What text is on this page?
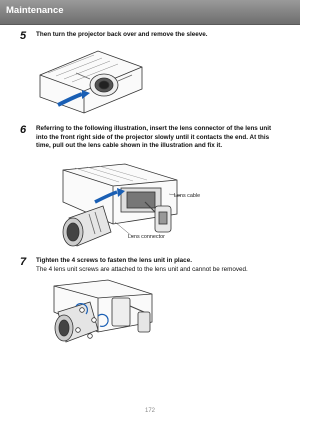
Maintenance
5 Then turn the projector back over and remove the sleeve.
6 Referring to the following illustration, insert the lens connector of the lens unit into the front right side of the projector slowly until it contacts the end. At this time, pull out the lens cable shown in the illustration and fix it.
Lens cable
Lens connector
7 Tighten the 4 screws to fasten the lens unit in place.
The 4 lens unit screws are attached to the lens unit and cannot be removed.
172
